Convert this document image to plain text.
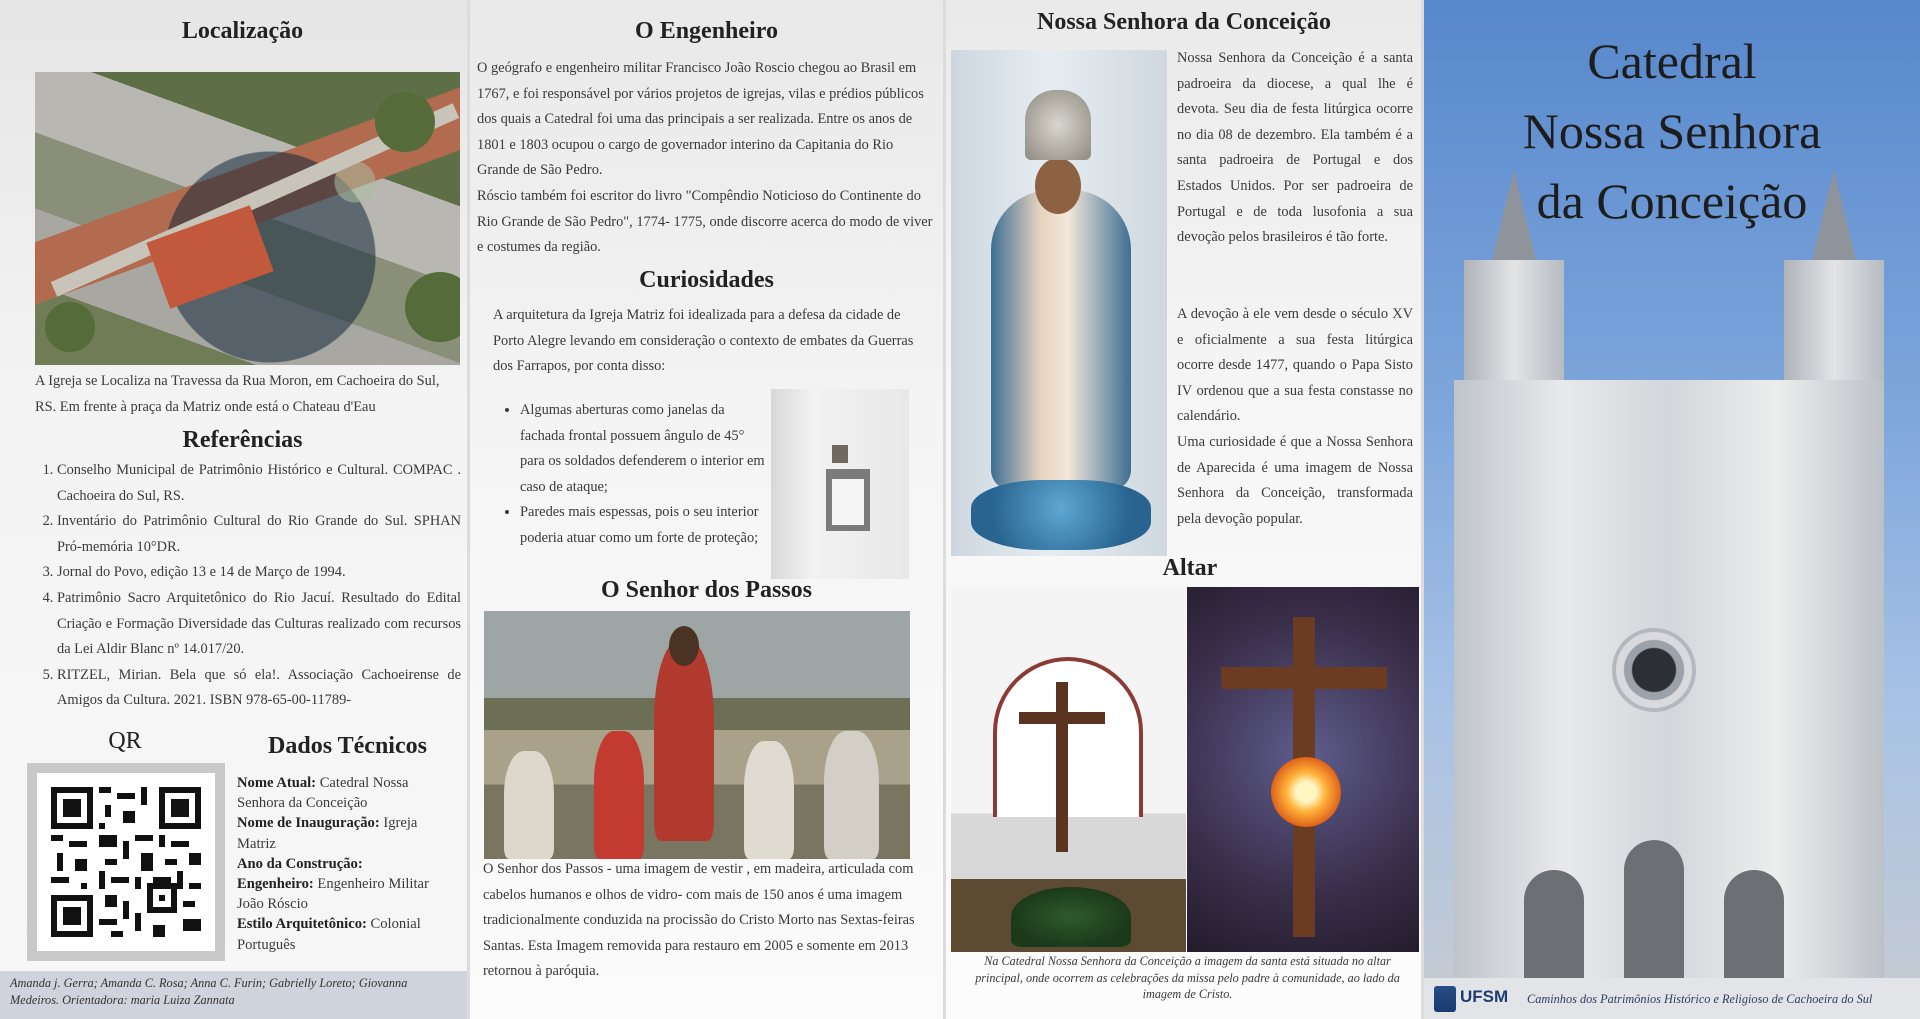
Localização

A Igreja se Localiza na Travessa da Rua Moron, em Cachoeira do Sul, RS. Em frente à praça da Matriz onde está o Chateau d'Eau

Referências
1. Conselho Municipal de Patrimônio Histórico e Cultural. COMPAC . Cachoeira do Sul, RS.
2. Inventário do Patrimônio Cultural do Rio Grande do Sul. SPHAN Pró-memória 10°DR.
3. Jornal do Povo, edição 13 e 14 de Março de 1994.
4. Patrimônio Sacro Arquitetônico do Rio Jacuí. Resultado do Edital Criação e Formação Diversidade das Culturas realizado com recursos da Lei Aldir Blanc nº 14.017/20.
5. RITZEL, Mirian. Bela que só ela!. Associação Cachoeirense de Amigos da Cultura. 2021. ISBN 978-65-00-11789-
QR	Dados Técnicos
Nome Atual: Catedral Nossa Senhora da Conceição
Nome de Inauguração: Igreja Matriz
Ano da Construção:
Engenheiro: Engenheiro Militar João Róscio
Estilo Arquitetônico: Colonial Português
Amanda j. Gerra; Amanda C. Rosa; Anna C. Furin; Gabrielly Loreto; Giovanna Medeiros. Orientadora: maria Luiza Zannata
O Engenheiro

O geógrafo e engenheiro militar Francisco João Roscio chegou ao Brasil em 1767, e foi responsável por vários projetos de igrejas, vilas e prédios públicos dos quais a Catedral foi uma das principais a ser realizada. Entre os anos de 1801 e 1803 ocupou o cargo de governador interino da Capitania do Rio Grande de São Pedro.

Róscio também foi escritor do livro "Compêndio Noticioso do Continente do Rio Grande de São Pedro", 1774- 1775, onde discorre acerca do modo de viver e costumes da região.

Curiosidades

A arquitetura da Igreja Matriz foi idealizada para a defesa da cidade de Porto Alegre levando em consideração o contexto de embates da Guerras dos Farrapos, por conta disso:

• Algumas aberturas como janelas da fachada frontal possuem ângulo de 45° para os soldados defenderem o interior em caso de ataque;
• Paredes mais espessas, pois o seu interior poderia atuar como um forte de proteção;
O Senhor dos Passos

O Senhor dos Passos - uma imagem de vestir , em madeira, articulada com cabelos humanos e olhos de vidro- com mais de 150 anos é uma imagem tradicionalmente conduzida na procissão do Cristo Morto nas Sextas-feiras Santas. Esta Imagem removida para restauro em 2005 e somente em 2013 retornou à paróquia.

Nossa Senhora da Conceição

Nossa Senhora da Conceição é a santa padroeira da diocese, a qual lhe é devota. Seu dia de festa litúrgica ocorre no dia 08 de dezembro. Ela também é a santa padroeira de Portugal e dos Estados Unidos. Por ser padroeira de Portugal e de toda lusofonia a sua devoção pelos brasileiros é tão forte.

A devoção à ele vem desde o século XV e oficialmente a sua festa litúrgica ocorre desde 1477, quando o Papa Sisto IV ordenou que a sua festa constasse no calendário.

Uma curiosidade é que a Nossa Senhora de Aparecida é uma imagem de Nossa Senhora da Conceição, transformada pela devoção popular.

Altar

Na Catedral Nossa Senhora da Conceição a imagem da santa está situada no altar principal, onde ocorrem as celebrações da missa pelo padre à comunidade, ao lado da imagem de Cristo.

Catedral
Nossa Senhora
da Conceição
UFSM Caminhos dos Patrimônios Histórico e Religioso de Cachoeira do Sul
